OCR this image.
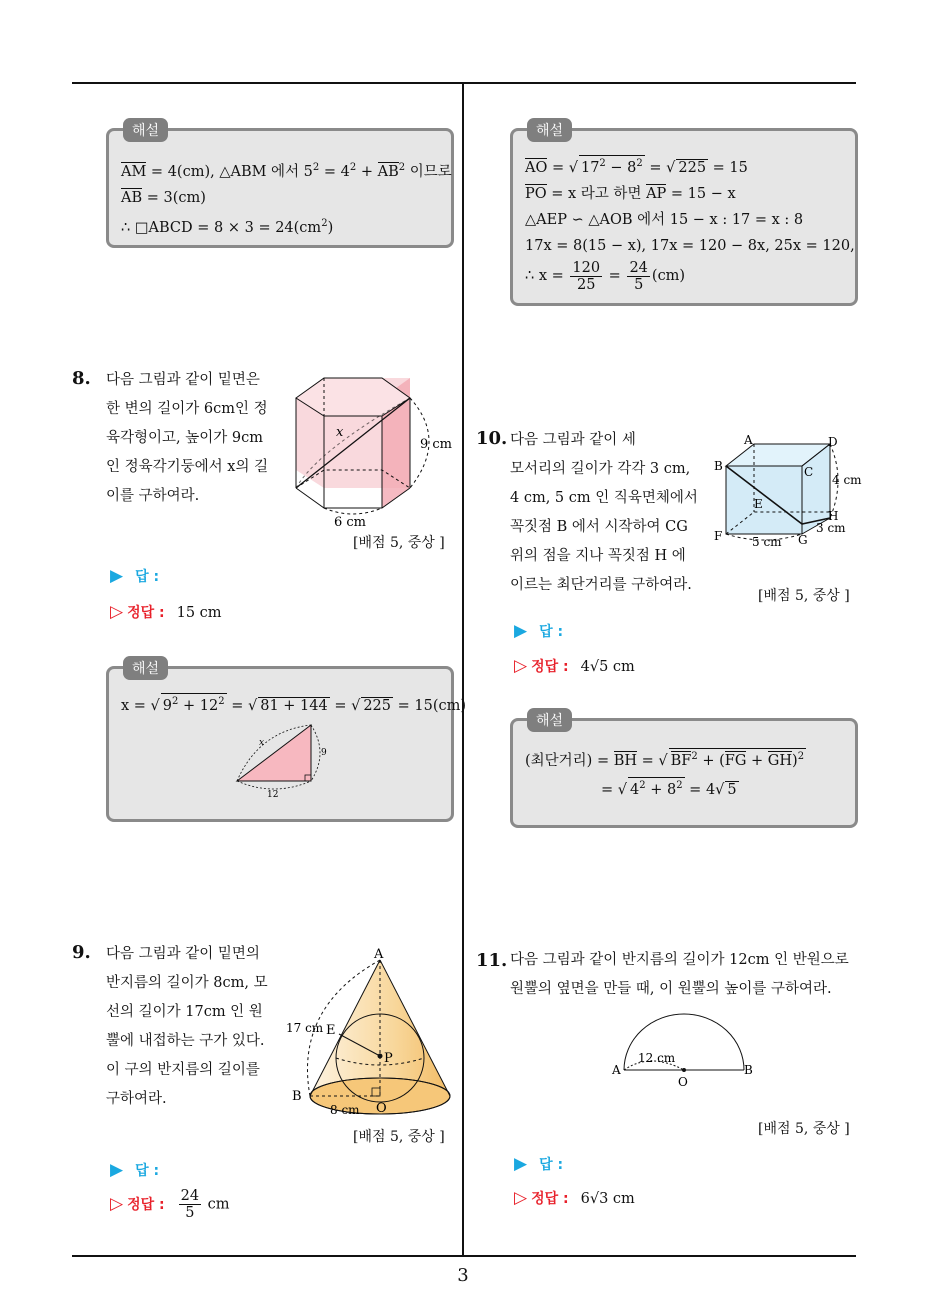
3
해설
AM = 4(cm), △ABM 에서 $5^2 = 4^2 + AB^2$ 이므로
AB = 3(cm)
∴ □ABCD = $8 \times 3 = 24(cm^2)$
해설
AO = √ $17^2 - 8^2$ = √ 225 = 15
PO = x 라고 하면 AP = 15 − x
△AEP ∽ △AOB 에서 15 − x : 17 = x : 8
17x = 8(15 − x), 17x = 120 − 8x, 25x = 120,
∴ $x = \frac{120}{25} = \frac{24}{5} (cm)$
8. 다음 그림과 같이 밑면은
한 변의 길이가 6cm인 정
육각형이고, 높이가 9cm
인 정육각기둥에서 x의 길
이를 구하여라.
x
9 cm
6 cm
[배점 5, 중상 ]
▶ 답 :
▷ 정답 : 15 cm
해설
x = √ $9^2 + 12^2$ = √ 81 + 144 = √ 225 = 15(cm)
x
9
12
9. 다음 그림과 같이 밑면의
반지름의 길이가 8cm, 모
선의 길이가 17cm 인 원
뿔에 내접하는 구가 있다.
이 구의 반지름의 길이를
구하여라.
A
E
P
B
O
17 cm
8 cm
[배점 5, 중상 ]
▶ 답 :
▷ 정답 : $\frac{24}{5}$ cm
10. 다음 그림과 같이 세
모서리의 길이가 각각 3 cm,
4 cm, 5 cm 인 직육면체에서
꼭짓점 B 에서 시작하여 CG
위의 점을 지나 꼭짓점 H 에
이르는 최단거리를 구하여라.
A
B	C
D
E
F	G
H
4 cm
5 cm
3 cm
[배점 5, 중상 ]
▶ 답 :
▷ 정답 : 4√5 cm
해설
(최단거리) = BH = √ $BF^2 + (FG + GH)^2$
= √ $4^2 + 8^2 = 4√$ 5
11. 다음 그림과 같이 반지름의 길이가 12cm 인 반원으로
원뿔의 옆면을 만들 때, 이 원뿔의 높이를 구하여라.
A	B
O
12 cm
[배점 5, 중상 ]
▶ 답 :
▷ 정답 : 6√3 cm
